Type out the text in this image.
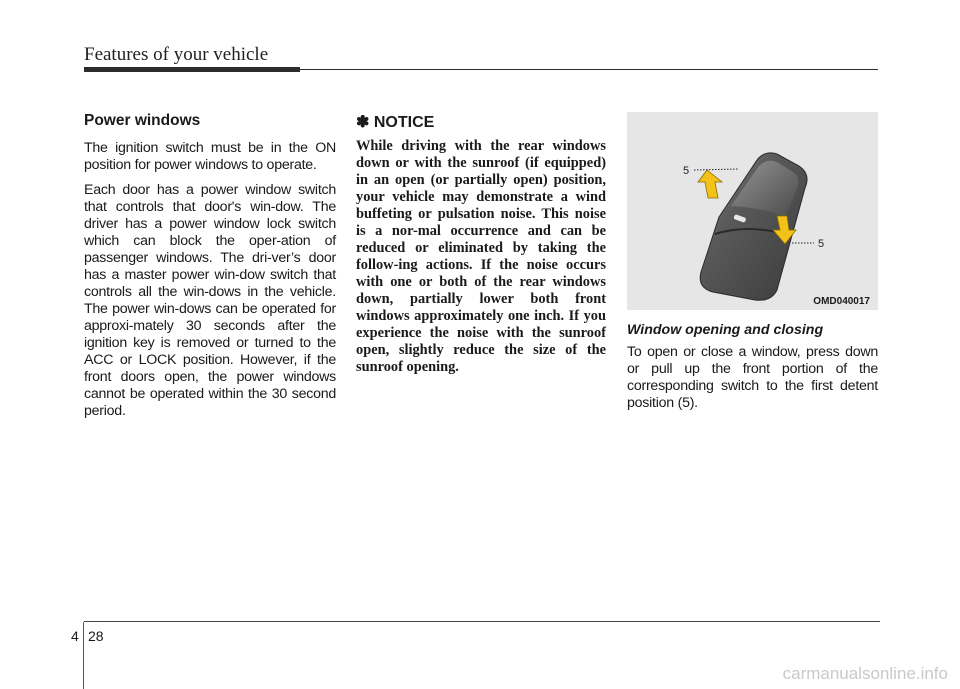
Features of your vehicle
Power windows

The ignition switch must be in the ON position for power windows to operate.

Each door has a power window switch that controls that door's win-dow. The driver has a power window lock switch which can block the oper-ation of passenger windows. The dri-ver’s door has a master power win-dow switch that controls all the win-dows in the vehicle. The power win-dows can be operated for approxi-mately 30 seconds after the ignition key is removed or turned to the ACC or LOCK position. However, if the front doors open, the power windows cannot be operated within the 30 second period.

✽ NOTICE

While driving with the rear windows down or with the sunroof (if equipped) in an open (or partially open) position, your vehicle may demonstrate a wind buffeting or pulsation noise. This noise is a nor-mal occurrence and can be reduced or eliminated by taking the follow-ing actions. If the noise occurs with one or both of the rear windows down, partially lower both front windows approximately one inch. If you experience the noise with the sunroof open, slightly reduce the size of the sunroof opening.

5
5
OMD040017
Window opening and closing

To open or close a window, press down or pull up the front portion of the corresponding switch to the first detent position (5).

4 28
carmanualsonline.info
